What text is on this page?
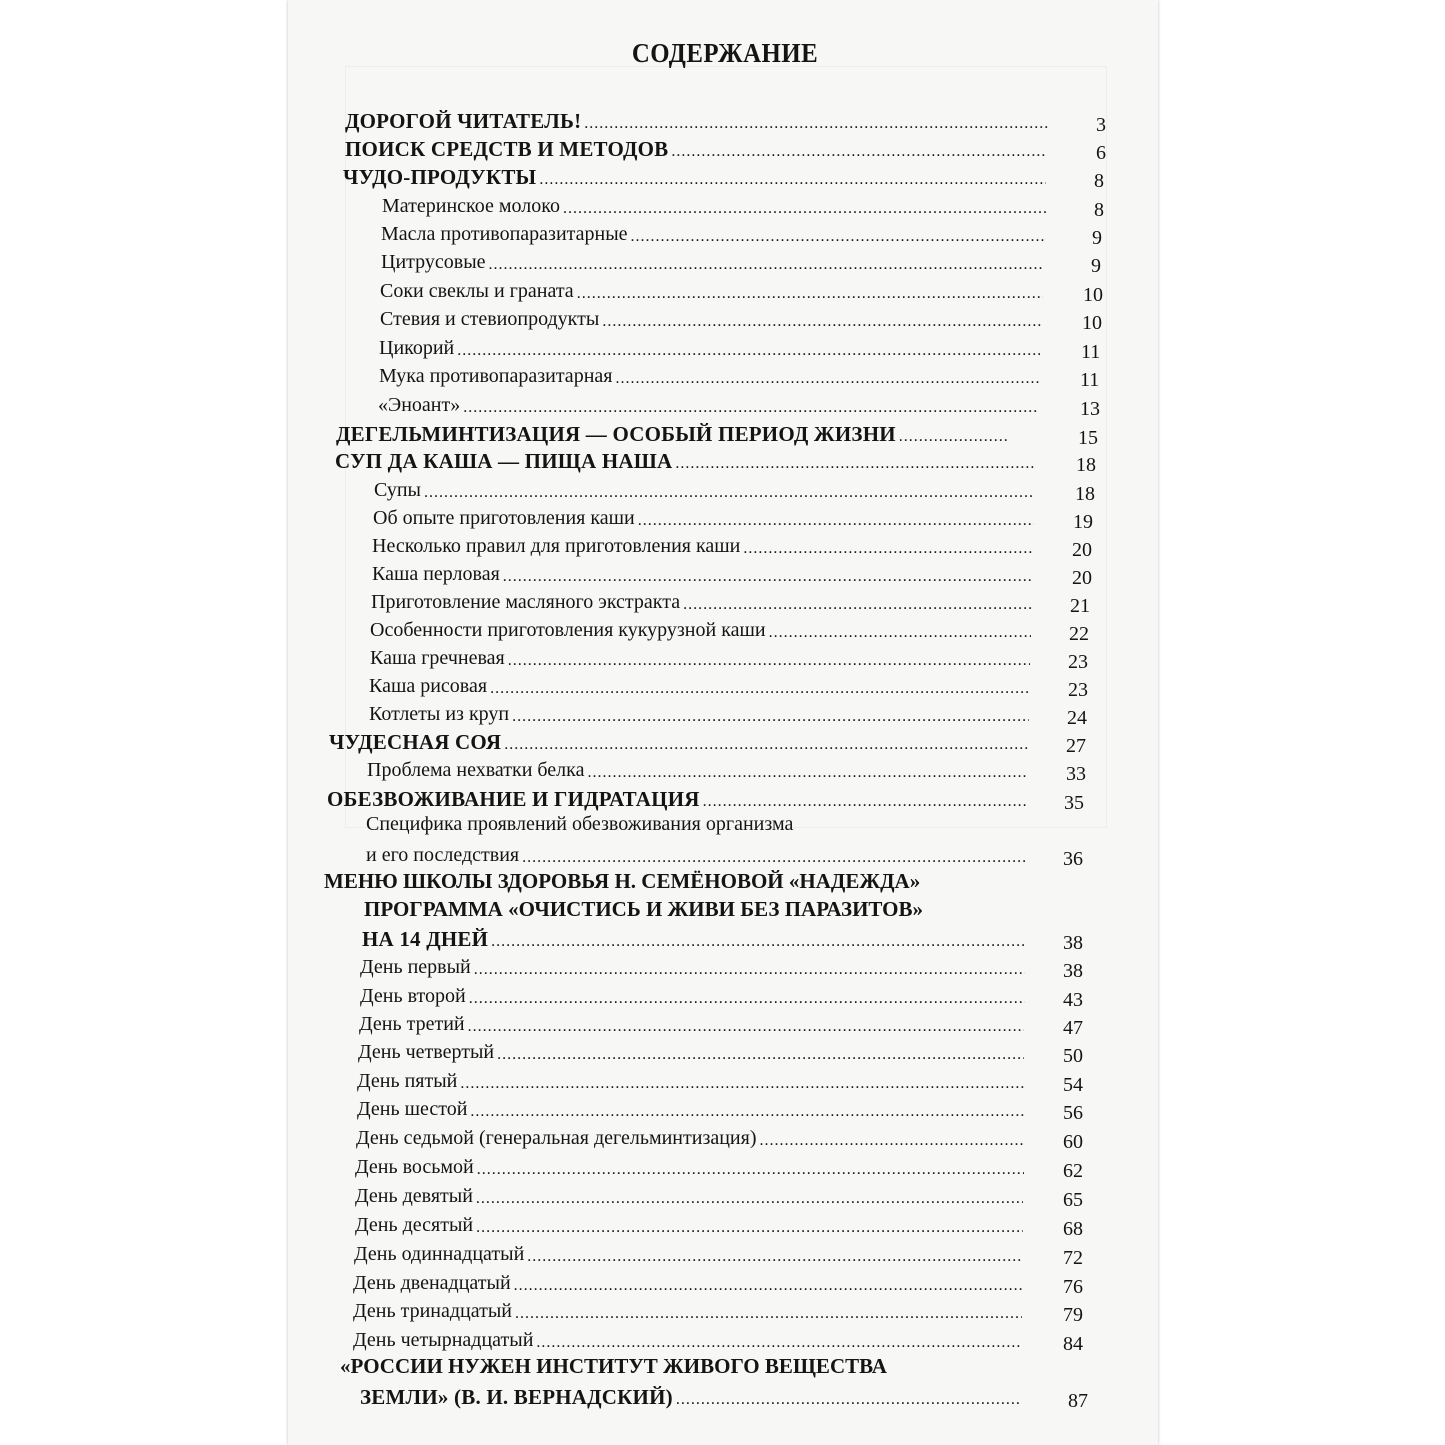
СОДЕРЖАНИЕ
ДОРОГОЙ ЧИТАТЕЛЬ! .....	3
ПОИСК СРЕДСТВ И МЕТОДОВ .....	6
ЧУДО-ПРОДУКТЫ .....	8
Материнское молоко .....	8
Масла противопаразитарные .....	9
Цитрусовые .....	9
Соки свеклы и граната .....	10
Стевия и стевиопродукты .....	10
Цикорий .....	11
Мука противопаразитарная .....	11
«Эноант» .....	13
ДЕГЕЛЬМИНТИЗАЦИЯ — ОСОБЫЙ ПЕРИОД ЖИЗНИ .....	15
СУП ДА КАША — ПИЩА НАША .....	18
Супы .....	18
Об опыте приготовления каши .....	19
Несколько правил для приготовления каши .....	20
Каша перловая .....	20
Приготовление масляного экстракта .....	21
Особенности приготовления кукурузной каши .....	22
Каша гречневая .....	23
Каша рисовая .....	23
Котлеты из круп .....	24
ЧУДЕСНАЯ СОЯ .....	27
Проблема нехватки белка .....	33
ОБЕЗВОЖИВАНИЕ И ГИДРАТАЦИЯ .....	35
Специфика проявлений обезвоживания организма
и его последствия .....	36
МЕНЮ ШКОЛЫ ЗДОРОВЬЯ Н. СЕМЁНОВОЙ «НАДЕЖДА»
ПРОГРАММА «ОЧИСТИСЬ И ЖИВИ БЕЗ ПАРАЗИТОВ»
НА 14 ДНЕЙ .....	38
День первый .....	38
День второй .....	43
День третий .....	47
День четвертый .....	50
День пятый .....	54
День шестой .....	56
День седьмой (генеральная дегельминтизация) .....	60
День восьмой .....	62
День девятый .....	65
День десятый .....	68
День одиннадцатый .....	72
День двенадцатый .....	76
День тринадцатый .....	79
День четырнадцатый .....	84
«РОССИИ НУЖЕН ИНСТИТУТ ЖИВОГО ВЕЩЕСТВА
ЗЕМЛИ» (В. И. ВЕРНАДСКИЙ) .....	87
